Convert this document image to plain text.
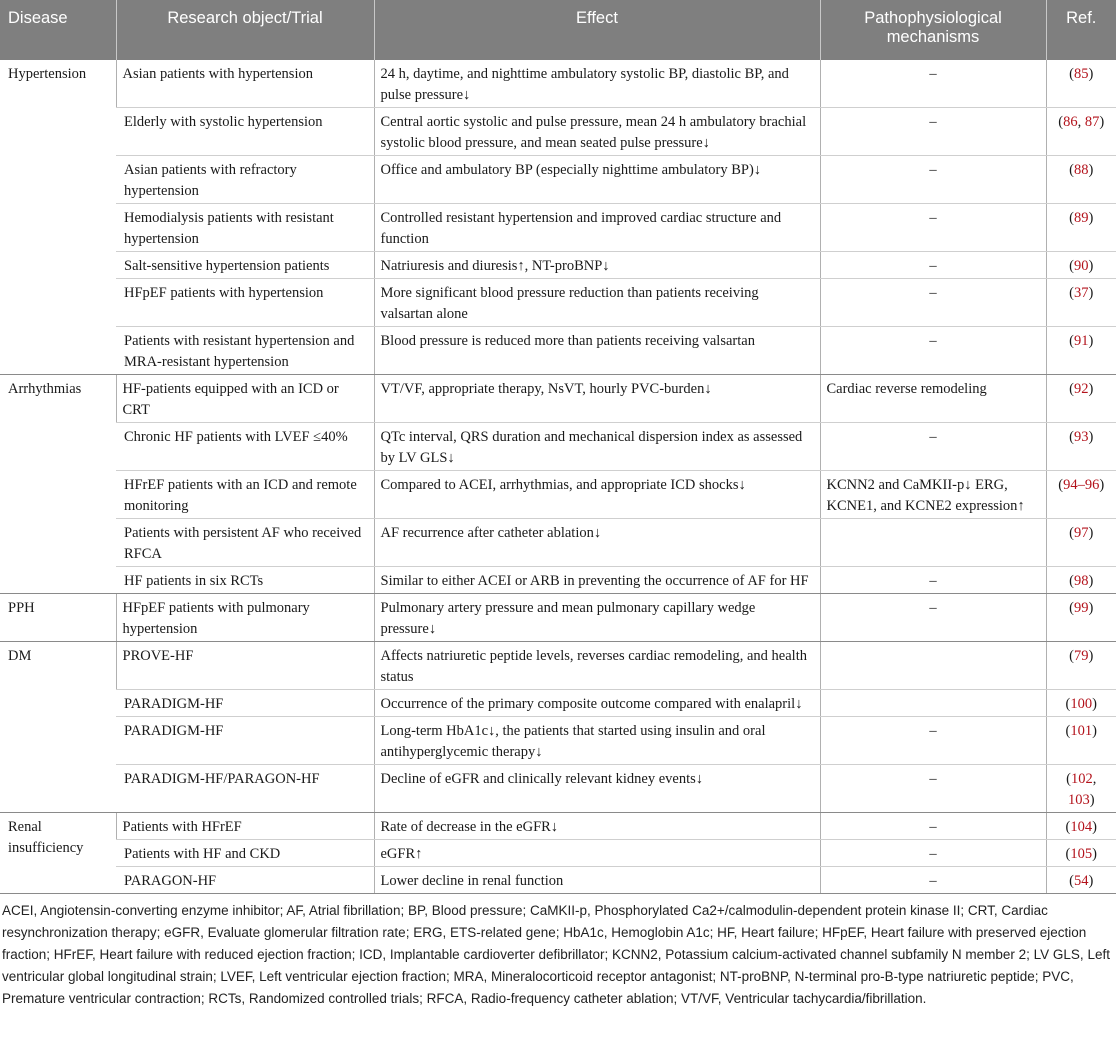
Disease	Research object/Trial	Effect	Pathophysiological mechanisms	Ref.
Hypertension	Asian patients with hypertension	24 h, daytime, and nighttime ambulatory systolic BP, diastolic BP, and pulse pressure↓	–	(85)
	Elderly with systolic hypertension	Central aortic systolic and pulse pressure, mean 24 h ambulatory brachial systolic blood pressure, and mean seated pulse pressure↓	–	(86, 87)
	Asian patients with refractory hypertension	Office and ambulatory BP (especially nighttime ambulatory BP)↓	–	(88)
	Hemodialysis patients with resistant hypertension	Controlled resistant hypertension and improved cardiac structure and function	–	(89)
	Salt-sensitive hypertension patients	Natriuresis and diuresis↑, NT-proBNP↓	–	(90)
	HFpEF patients with hypertension	More significant blood pressure reduction than patients receiving valsartan alone	–	(37)
	Patients with resistant hypertension and MRA-resistant hypertension	Blood pressure is reduced more than patients receiving valsartan	–	(91)
Arrhythmias	HF-patients equipped with an ICD or CRT	VT/VF, appropriate therapy, NsVT, hourly PVC-burden↓	Cardiac reverse remodeling	(92)
	Chronic HF patients with LVEF ≤40%	QTc interval, QRS duration and mechanical dispersion index as assessed by LV GLS↓	–	(93)
	HFrEF patients with an ICD and remote monitoring	Compared to ACEI, arrhythmias, and appropriate ICD shocks↓	KCNN2 and CaMKII-p↓ ERG, KCNE1, and KCNE2 expression↑	(94–96)
	Patients with persistent AF who received RFCA	AF recurrence after catheter ablation↓		(97)
	HF patients in six RCTs	Similar to either ACEI or ARB in preventing the occurrence of AF for HF	–	(98)
PPH	HFpEF patients with pulmonary hypertension	Pulmonary artery pressure and mean pulmonary capillary wedge pressure↓	–	(99)
DM	PROVE-HF	Affects natriuretic peptide levels, reverses cardiac remodeling, and health status		(79)
	PARADIGM-HF	Occurrence of the primary composite outcome compared with enalapril↓		(100)
	PARADIGM-HF	Long-term HbA1c↓, the patients that started using insulin and oral antihyperglycemic therapy↓	–	(101)
	PARADIGM-HF/PARAGON-HF	Decline of eGFR and clinically relevant kidney events↓	–	(102, 103)
Renal insufficiency	Patients with HFrEF	Rate of decrease in the eGFR↓	–	(104)
	Patients with HF and CKD	eGFR↑	–	(105)
	PARAGON-HF	Lower decline in renal function	–	(54)
ACEI, Angiotensin-converting enzyme inhibitor; AF, Atrial fibrillation; BP, Blood pressure; CaMKII-p, Phosphorylated Ca2+/calmodulin-dependent protein kinase II; CRT, Cardiac resynchronization therapy; eGFR, Evaluate glomerular filtration rate; ERG, ETS-related gene; HbA1c, Hemoglobin A1c; HF, Heart failure; HFpEF, Heart failure with preserved ejection fraction; HFrEF, Heart failure with reduced ejection fraction; ICD, Implantable cardioverter defibrillator; KCNN2, Potassium calcium-activated channel subfamily N member 2; LV GLS, Left ventricular global longitudinal strain; LVEF, Left ventricular ejection fraction; MRA, Mineralocorticoid receptor antagonist; NT-proBNP, N-terminal pro-B-type natriuretic peptide; PVC, Premature ventricular contraction; RCTs, Randomized controlled trials; RFCA, Radio-frequency catheter ablation; VT/VF, Ventricular tachycardia/fibrillation.
